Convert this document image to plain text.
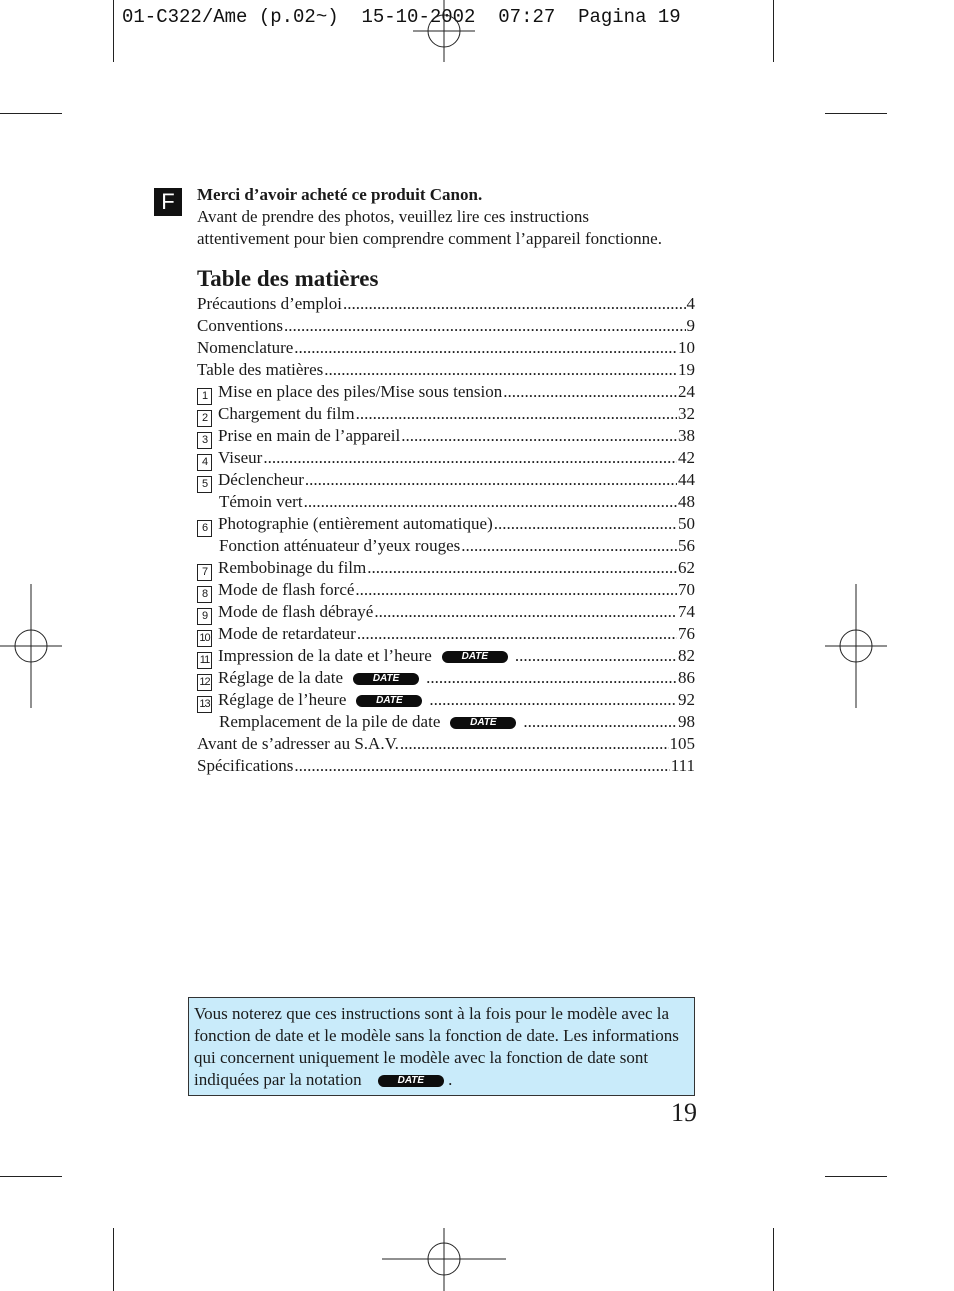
01-C322/Ame (p.02~)  15-10-2002  07:27  Pagina 19
F	Merci d’avoir acheté ce produit Canon.
Avant de prendre des photos, veuillez lire ces instructions
attentivement pour bien comprendre comment l’appareil fonctionne.
Table des matières
Précautions d’emploi .....	4
Conventions .....	9
Nomenclature .....	10
Table des matières .....	19
1 Mise en place des piles/Mise sous tension .....	24
2 Chargement du film .....	32
3 Prise en main de l’appareil .....	38
4 Viseur .....	42
5 Déclencheur .....	44
Témoin vert .....	48
6 Photographie (entièrement automatique) .....	50
Fonction atténuateur d’yeux rouges .....	56
7 Rembobinage du film .....	62
8 Mode de flash forcé .....	70
9 Mode de flash débrayé .....	74
10 Mode de retardateur .....	76
11 Impression de la date et l’heure	DATE .....	82
12 Réglage de la date	DATE .....	86
13 Réglage de l’heure	DATE .....	92
Remplacement de la pile de date	DATE .....	98
Avant de s’adresser au S.A.V. .....	105
Spécifications .....	111
Vous noterez que ces instructions sont à la fois pour le modèle avec la fonction de date et le modèle sans la fonction de date. Les informations qui concernent uniquement le modèle avec la fonction de date sont indiquées par la notation	DATE .
19
